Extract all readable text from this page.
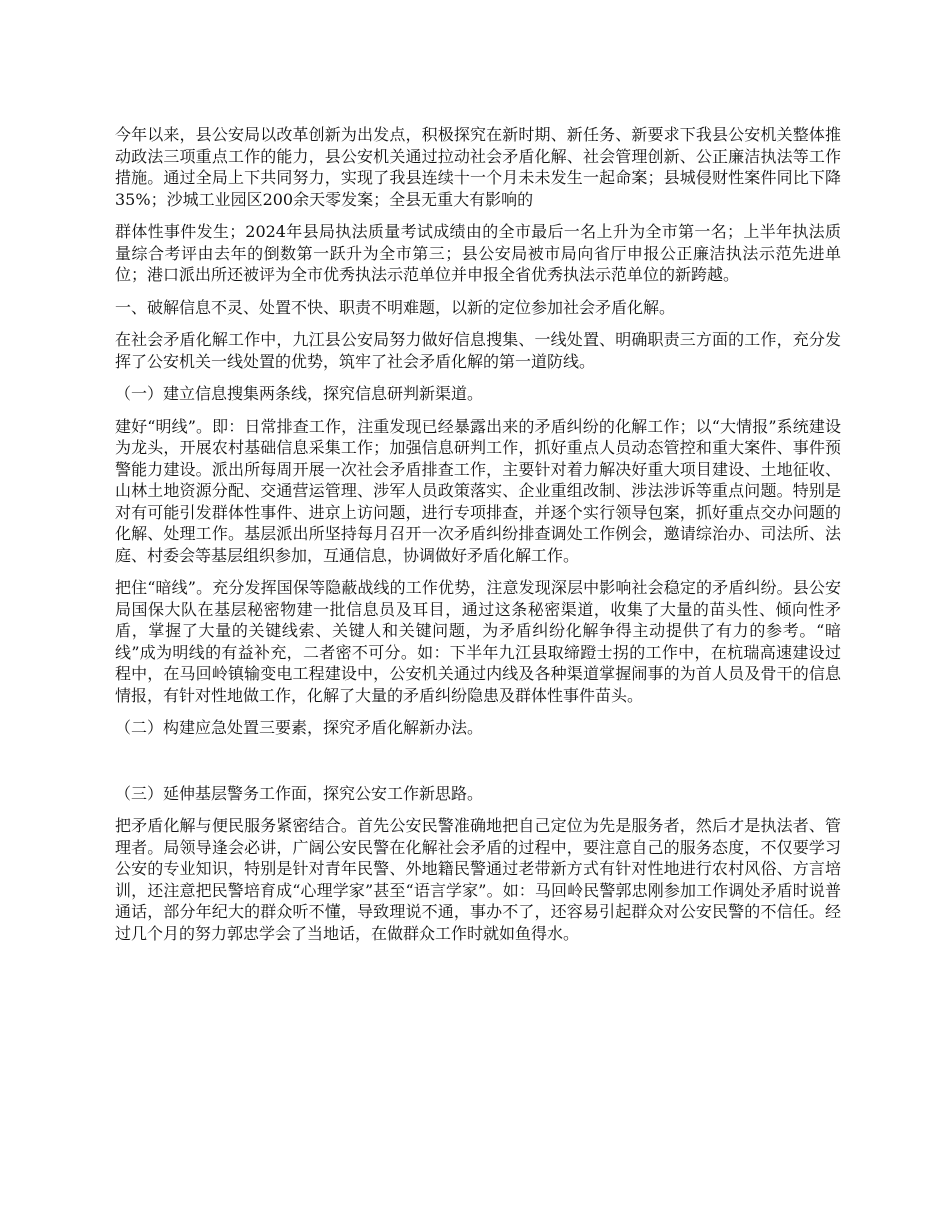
今年以来，县公安局以改革创新为出发点，积极探究在新时期、新任务、新要求下我县公安机关整体推动政法三项重点工作的能力，县公安机关通过拉动社会矛盾化解、社会管理创新、公正廉洁执法等工作措施。通过全局上下共同努力，实现了我县连续十一个月未未发生一起命案；县城侵财性案件同比下降35%；沙城工业园区200余天零发案；全县无重大有影响的

群体性事件发生；2024年县局执法质量考试成绩由的全市最后一名上升为全市第一名；上半年执法质量综合考评由去年的倒数第一跃升为全市第三；县公安局被市局向省厅申报公正廉洁执法示范先进单位；港口派出所还被评为全市优秀执法示范单位并申报全省优秀执法示范单位的新跨越。

一、破解信息不灵、处置不快、职责不明难题，以新的定位参加社会矛盾化解。

在社会矛盾化解工作中，九江县公安局努力做好信息搜集、一线处置、明确职责三方面的工作，充分发挥了公安机关一线处置的优势，筑牢了社会矛盾化解的第一道防线。

（一）建立信息搜集两条线，探究信息研判新渠道。

建好“明线”。即：日常排查工作，注重发现已经暴露出来的矛盾纠纷的化解工作；以“大情报”系统建设为龙头，开展农村基础信息采集工作；加强信息研判工作，抓好重点人员动态管控和重大案件、事件预警能力建设。派出所每周开展一次社会矛盾排查工作，主要针对着力解决好重大项目建设、土地征收、山林土地资源分配、交通营运管理、涉军人员政策落实、企业重组改制、涉法涉诉等重点问题。特别是对有可能引发群体性事件、进京上访问题，进行专项排查，并逐个实行领导包案，抓好重点交办问题的化解、处理工作。基层派出所坚持每月召开一次矛盾纠纷排查调处工作例会，邀请综治办、司法所、法庭、村委会等基层组织参加，互通信息，协调做好矛盾化解工作。

把住“暗线”。充分发挥国保等隐蔽战线的工作优势，注意发现深层中影响社会稳定的矛盾纠纷。县公安局国保大队在基层秘密物建一批信息员及耳目，通过这条秘密渠道，收集了大量的苗头性、倾向性矛盾，掌握了大量的关键线索、关键人和关键问题，为矛盾纠纷化解争得主动提供了有力的参考。“暗线”成为明线的有益补充，二者密不可分。如：下半年九江县取缔蹬士拐的工作中，在杭瑞高速建设过程中，在马回岭镇输变电工程建设中，公安机关通过内线及各种渠道掌握闹事的为首人员及骨干的信息情报，有针对性地做工作，化解了大量的矛盾纠纷隐患及群体性事件苗头。

（二）构建应急处置三要素，探究矛盾化解新办法。

（三）延伸基层警务工作面，探究公安工作新思路。

把矛盾化解与便民服务紧密结合。首先公安民警准确地把自己定位为先是服务者，然后才是执法者、管理者。局领导逢会必讲，广阔公安民警在化解社会矛盾的过程中，要注意自己的服务态度，不仅要学习公安的专业知识，特别是针对青年民警、外地籍民警通过老带新方式有针对性地进行农村风俗、方言培训，还注意把民警培育成“心理学家”甚至“语言学家”。如：马回岭民警郭忠刚参加工作调处矛盾时说普通话，部分年纪大的群众听不懂，导致理说不通，事办不了，还容易引起群众对公安民警的不信任。经过几个月的努力郭忠学会了当地话，在做群众工作时就如鱼得水。
